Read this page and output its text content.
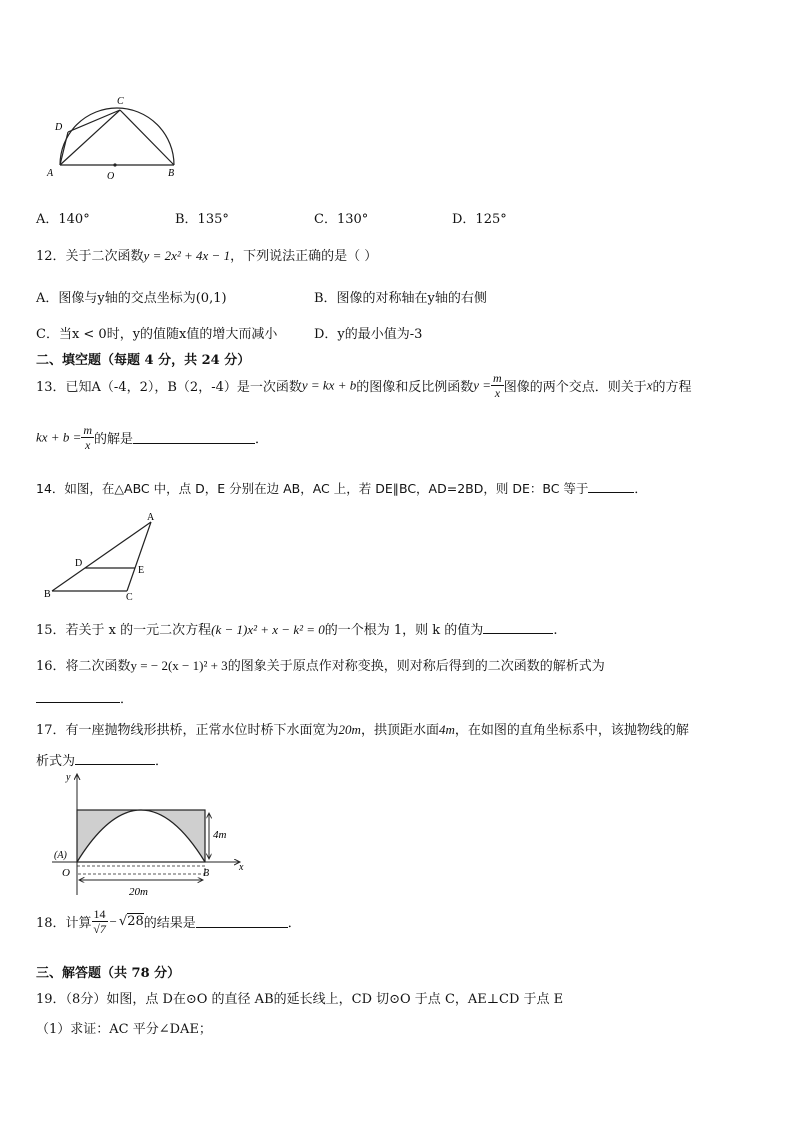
A	B
C
D
O
A．140°	B．135°	C．130°	D．125°
12．关于二次函数y = 2x² + 4x − 1，下列说法正确的是（ ）
A．图像与y轴的交点坐标为(0,1)	B．图像的对称轴在y轴的右侧
C．当x < 0时，y的值随x值的增大而减小	D．y的最小值为-3
二、填空题（每题 4 分，共 24 分）
13．已知A（-4，2），B（2，-4）是一次函数y = kx + b的图像和反比例函数$y = \frac{m}{x}$ 图像的两个交点．则关于x的方程
kx + $b = \frac{m}{x}$ 的解是	．
14．如图，在△ABC 中，点 D，E 分别在边 AB，AC 上，若 DE∥BC，AD=2BD，则 DE：BC 等于	．
A
B	C
D
E
15．若关于 x 的一元二次方程(k − 1)x² + x − k² = 0的一个根为 1，则 k 的值为	.
16．将二次函数y = − 2(x − 1)² + 3的图象关于原点作对称变换，则对称后得到的二次函数的解析式为
．
17．有一座抛物线形拱桥，正常水位时桥下水面宽为20m，拱顶距水面4m，在如图的直角坐标系中，该抛物线的解
析式为	．
y
x
O
(A)
B
4m
20m
18．计算 $\frac{14}{√7} - √28$的结果是	．
三、解答题（共 78 分）
19．（8分）如图，点 D在⊙O 的直径 AB的延长线上，CD 切⊙O 于点 C，AE⊥CD 于点 E
（1）求证：AC 平分∠DAE；
